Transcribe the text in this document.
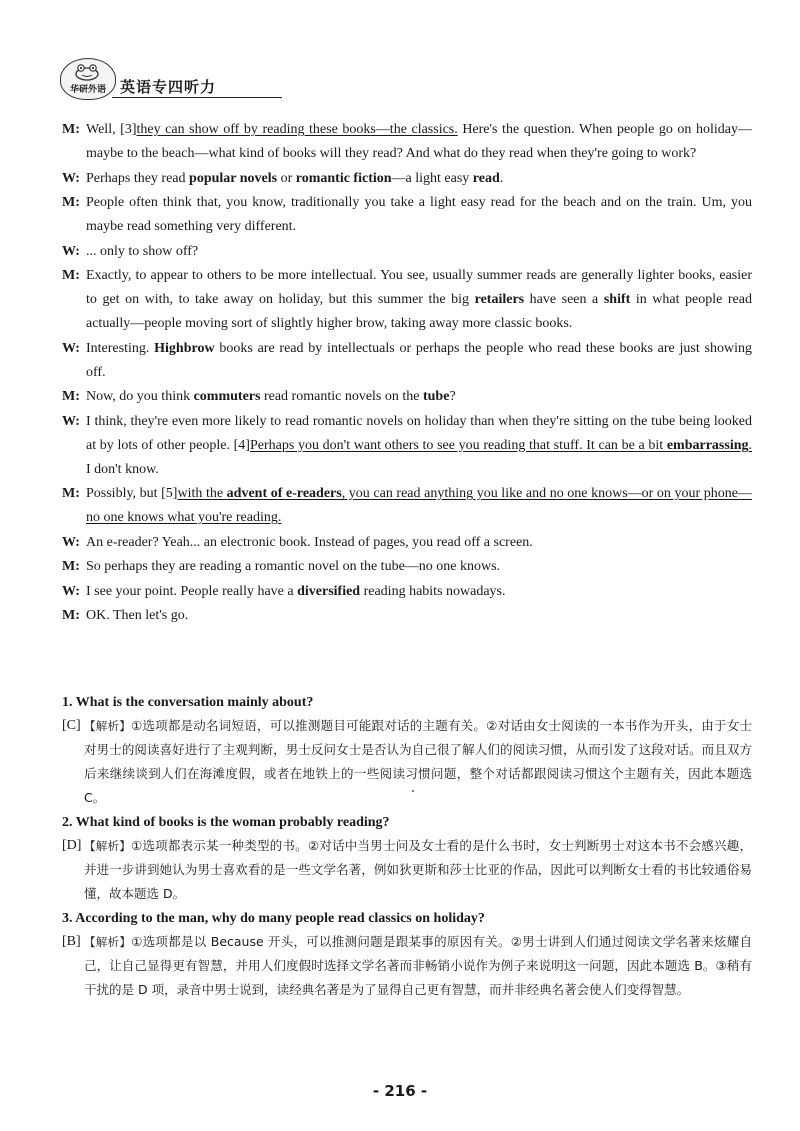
华研外语 英语专四听力
M: Well, [3]they can show off by reading these books—the classics. Here's the question. When people go on holiday—maybe to the beach—what kind of books will they read? And what do they read when they're going to work?
W: Perhaps they read popular novels or romantic fiction—a light easy read.
M: People often think that, you know, traditionally you take a light easy read for the beach and on the train. Um, you maybe read something very different.
W: ... only to show off?
M: Exactly, to appear to others to be more intellectual. You see, usually summer reads are generally lighter books, easier to get on with, to take away on holiday, but this summer the big retailers have seen a shift in what people read actually—people moving sort of slightly higher brow, taking away more classic books.
W: Interesting. Highbrow books are read by intellectuals or perhaps the people who read these books are just showing off.
M: Now, do you think commuters read romantic novels on the tube?
W: I think, they're even more likely to read romantic novels on holiday than when they're sitting on the tube being looked at by lots of other people. [4]Perhaps you don't want others to see you reading that stuff. It can be a bit embarrassing. I don't know.
M: Possibly, but [5]with the advent of e-readers, you can read anything you like and no one knows—or on your phone—no one knows what you're reading.
W: An e-reader? Yeah... an electronic book. Instead of pages, you read off a screen.
M: So perhaps they are reading a romantic novel on the tube—no one knows.
W: I see your point. People really have a diversified reading habits nowadays.
M: OK. Then let's go.
1. What is the conversation mainly about?
[C] 【解析】①选项都是动名词短语，可以推测题目可能跟对话的主题有关。②对话由女士阅读的一本书作为开头，由于女士对男士的阅读喜好进行了主观判断，男士反问女士是否认为自己很了解人们的阅读习惯，从而引发了这段对话。而且双方后来继续谈到人们在海滩度假，或者在地铁上的一些阅读习惯问题，整个对话都跟阅读习惯这个主题有关，因此本题选 C。
2. What kind of books is the woman probably reading?
[D] 【解析】①选项都表示某一种类型的书。②对话中当男士问及女士看的是什么书时，女士判断男士对这本书不会感兴趣，并进一步讲到她认为男士喜欢看的是一些文学名著，例如狄更斯和莎士比亚的作品，因此可以判断女士看的书比较通俗易懂，故本题选 D。
3. According to the man, why do many people read classics on holiday?
[B] 【解析】①选项都是以 Because 开头，可以推测问题是跟某事的原因有关。②男士讲到人们通过阅读文学名著来炫耀自己，让自己显得更有智慧，并用人们度假时选择文学名著而非畅销小说作为例子来说明这一问题，因此本题选 B。③稍有干扰的是 D 项，录音中男士说到，读经典名著是为了显得自己更有智慧，而并非经典名著会使人们变得智慧。
- 216 -
